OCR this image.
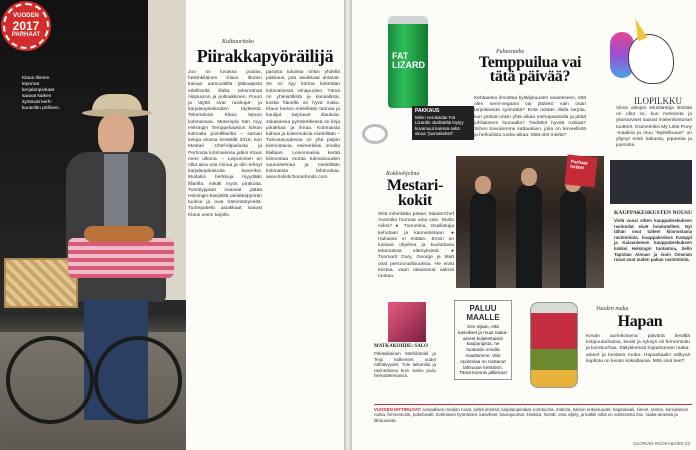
Klaus Illonen lepomat kerjalonpivkaat saavat kaiken syötavat kerh-kuusoltin pöllinen.
VUODEN
2017
PARHAAT
Kulttuuriteko
Piirakkapyöräilijä
Joo on luvassa puolas, helsinkiläinen Klaus Illonen kaivaa aamuvälillä jälkiaapista edelliseltä illalta tekemänsä riisipuuron ja putkiakkinen. Puuro ja täyttö ovat ruisleipä- ja karjalanpiirakoiden täytteistä. Tekemänsä Klaus lepuro kotimassaa. Motempia hän myy Helsingin Temppeliaukion kirkon kulmalta postifillarilta – saman tietoja elossa keväällä 2016, kun Mestari Chef-kilpailusta ja Perhosta kotimaisena jatkoi Klaus meni ulkona. – Leipominen on ollut aina osa minua ja olin tehnyt karjalanpiirakoita kaveriksi. Muitakin herkkuja myydään fillarilla, mikäli myös pirakoita. Turistiyppaat osaavat jättää Helsingin-kävijöiltä piirakkapyörän tuokse ja ovat hämmästyneitä. Tuotepaketti asiakkaat saavat Klaus usein tarjolle.
parasta tuliaista onkin yhdellä pakkaus, jota asiakkaat antavat. Se on syy kertoa keitetään kotimaisesta viinapuolen. Tämä on yhteisöllistä ja kansallista, koska hänellä on hyvä maku. Klaus kertoo mielellään tarinaa ja kuulijat tarjoavat tilauksia. Jokaisessa pyöräretkessä on kirja piirakkaa ja ilmaa. Kotimaista kahvia ja kokemuksia mielellään – Tulevaisuudessa on yhä paljon kiinnostavia, esimerkiksi omalla tilallaan. Leivonnaisia kerää kiinnostaa monta tulevaisuuden suunnitelmaa ja mielellään kotimaista lähiruokaa. www.holistichomefoods.com
22 GLORIAN RUOKA&VIINI
FAT LIZARD
PAKKAUS
Miten nerokasta! Fat Lizardin olutlisteltä löytyy kuvamuut kanssa sekä ainoa "juomakeksit".
Puheenaihe
Temppuilua vai tätä päivää?
Kehtaanko ilmoittaa kyläilykuuden vaatekseen, että olen semi-vegaani vai jätänkö vain osan tarjoiltavista syömättä? Entä mitään illalla tarjota, kun ystävä onkin yhtä aikaa mehupaastolla ja pitää juhliakseen lounaalla? Tiedätkö hyvää ruokaa? Siihen toivoisimme kattauksen, joka on terveellistä ja herkullista ruoka-aikaa. Mitä olet mieltä?
ILOPILKKU
Viime aikojen lelutilantoja ilmiöitä on ollut se, kun meriranta ja yksisarviset saavat mielenkiintoiset tuotteet. Esimerkiksi My Little Pony -maalina ja muu "kipitelkuuas" on yltynyt eräin kakusta, pipareita ja juomista.
KAUPPAKESKUSTEN NOUSU
Vielä vuosi sitten kauppakeskuksen ravintolat eivät houkutelleet. Nyt tähän ovat tulleet kiinnostavia ravintoloita. Kauppakeskus Kamppi ja Kaisaniemen kauppakeskuksen lisäksi Helsingin tuotantoa, Sello Tapiolan Ainoan ja isoin Omenan ruoat ovat uuden pakan ravintoloita.
Parhaat hetket
Kokkiohjelma
Mestari-kokit
Siitä mihinkään pääse: MasterChef Australia hurmaa aina vain. Mutta miksi? ● Tunnelma. Osallistujia kehutaan ja kannustetaan. ● Hukassa ei mitään. Ensin on luotava ohjelma ja kuuluttavia tekemässä elämyksistä. ● Tuomarit Gary, George ja Matt ovat persoonallisuuksia. He eivät toistaa, vaan rakastavat aidosti ruokaa.
MATKAKOHDE: SALO
Pitkäaikainen Mathildedal ja Teijo kulkeneet uudet nähtävyydet. Tule laitumilla ja ravintolassa kuin Salon joulu herkuttelemassa.
PALUU MAALLE
Sen sijaan, että kasvikset ja muut raaka-aineet kuljetettaisiin kaupungista, ne tuotaisiin omalta maaltamme. Viisi ravintolaa on nostanut lähiruoan keskiöön. Tämä tuonnin jalkiruoa!
Vuoden maku
Hapan
Kesän aurinkoisena päivänä kesällä kotipuutarhassa, kevät ja syksyn oli fermentoitu ja kombuchaa. Säilykkeissä hapantuneet raaka-aineet ja kestävä ruoka. Hapankaalin välkyvä kuplinta on kesän kokeiltavaa. Mitä sinä teet?
VUODEN HITTIRUOAT: sosiaalisen median ruoat, pinkit donitsit, karjalanpiirakat, kombucha, matcha, kahvin erikoisuudet, hapankaali, sienet, ramen, korealainen ruoka, fermentointi, pokebowlit, kotimaiset hyönteiset, kasvikset, kaurajuomat, kirsikka, heinät, oma viljely, ja kaikki mikä on valmistettu itse, raaka-aineista ja lähiruoasta.
GLORIAN RUOKA&VIINI 23
